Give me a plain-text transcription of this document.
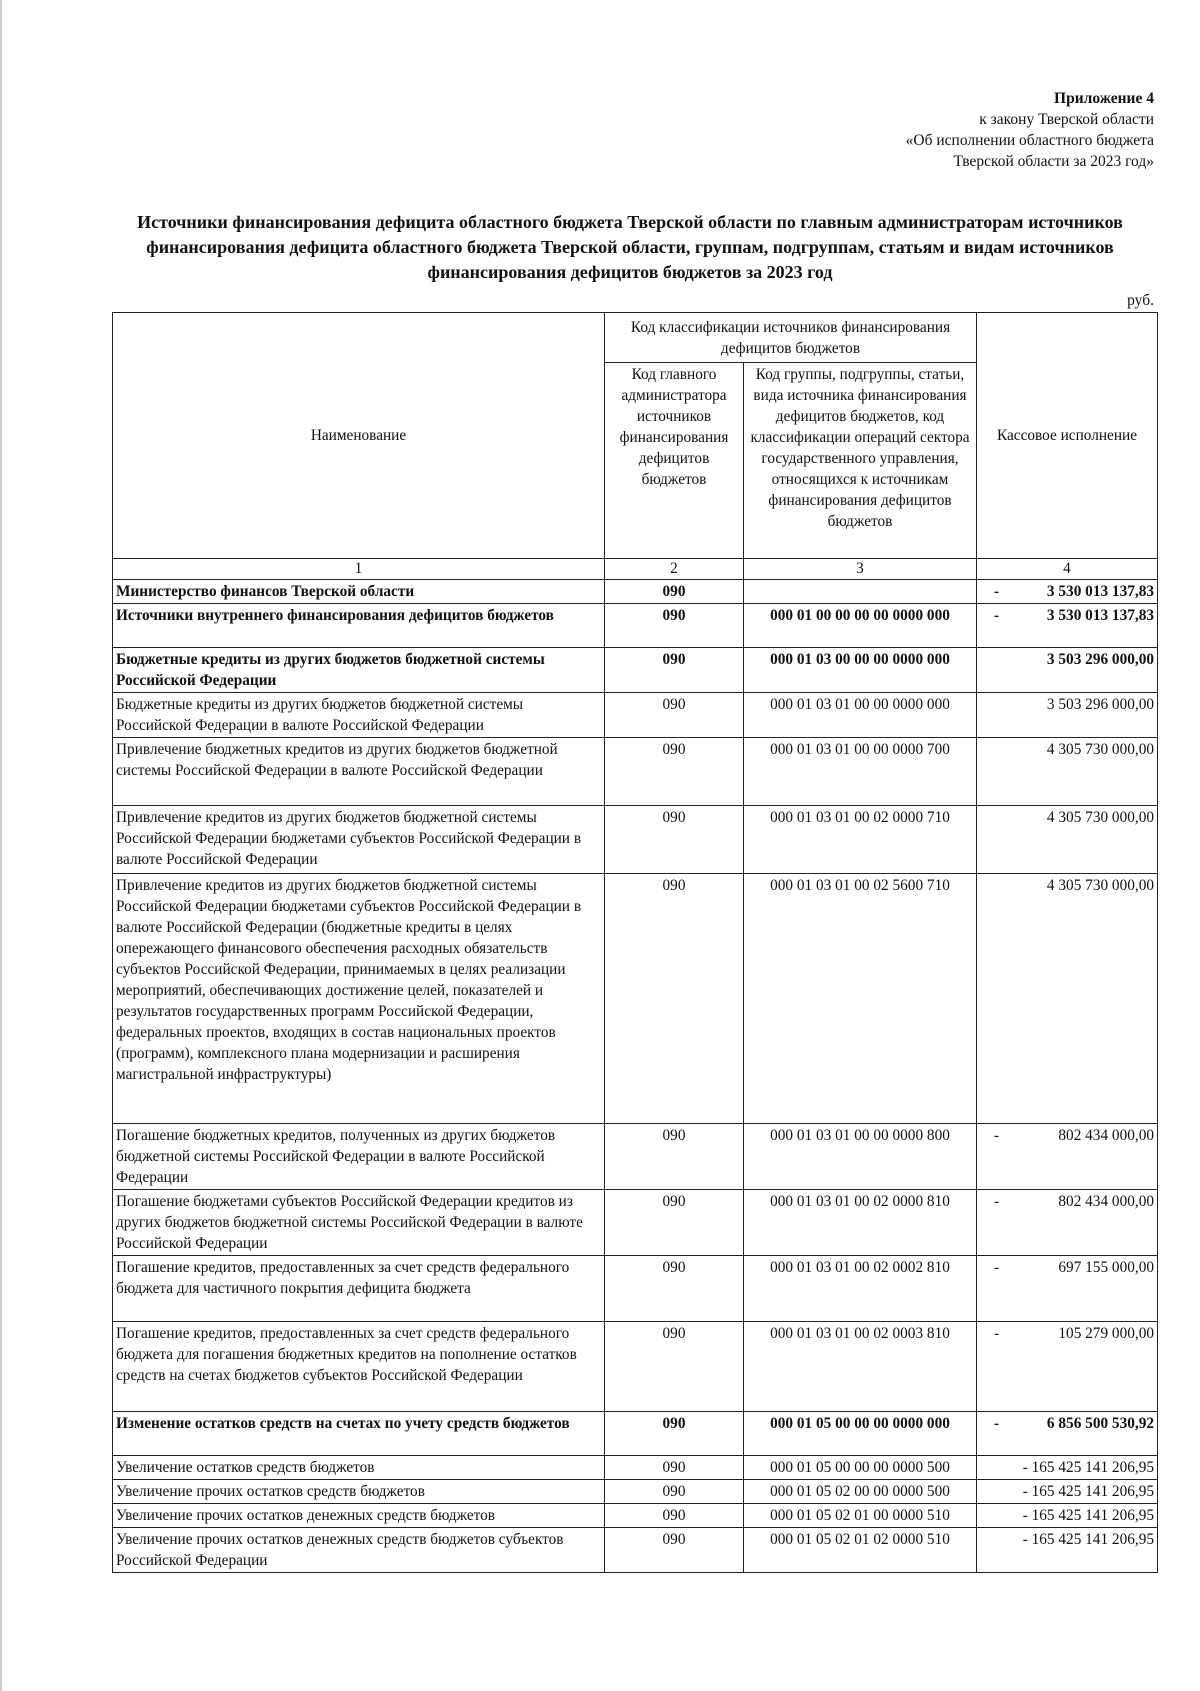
Приложение 4
к закону Тверской области
«Об исполнении областного бюджета
Тверской области за 2023 год»
Источники финансирования дефицита областного бюджета Тверской области по главным администраторам источников финансирования дефицита областного бюджета Тверской области, группам, подгруппам, статьям и видам источников финансирования дефицитов бюджетов за 2023 год
руб.
Наименование	Код классификации источников финансирования дефицитов бюджетов		Кассовое исполнение
	Код главного администратора источников финансирования дефицитов бюджетов	Код группы, подгруппы, статьи, вида источника финансирования дефицитов бюджетов, код классификации операций сектора государственного управления, относящихся к источникам финансирования дефицитов бюджетов	
1	2	3	4
Министерство финансов Тверской области	090		- 3 530 013 137,83
Источники внутреннего финансирования дефицитов бюджетов	090	000 01 00 00 00 00 0000 000	- 3 530 013 137,83
Бюджетные кредиты из других бюджетов бюджетной системы Российской Федерации	090	000 01 03 00 00 00 0000 000	3 503 296 000,00
Бюджетные кредиты из других бюджетов бюджетной системы Российской Федерации в валюте Российской Федерации	090	000 01 03 01 00 00 0000 000	3 503 296 000,00
Привлечение бюджетных кредитов из других бюджетов бюджетной системы Российской Федерации в валюте Российской Федерации	090	000 01 03 01 00 00 0000 700	4 305 730 000,00
Привлечение кредитов из других бюджетов бюджетной системы Российской Федерации бюджетами субъектов Российской Федерации в валюте Российской Федерации	090	000 01 03 01 00 02 0000 710	4 305 730 000,00
Привлечение кредитов из других бюджетов бюджетной системы Российской Федерации бюджетами субъектов Российской Федерации в валюте Российской Федерации (бюджетные кредиты в целях опережающего финансового обеспечения расходных обязательств субъектов Российской Федерации, принимаемых в целях реализации мероприятий, обеспечивающих достижение целей, показателей и результатов государственных программ Российской Федерации, федеральных проектов, входящих в состав национальных проектов (программ), комплексного плана модернизации и расширения магистральной инфраструктуры)	090	000 01 03 01 00 02 5600 710	4 305 730 000,00
Погашение бюджетных кредитов, полученных из других бюджетов бюджетной системы Российской Федерации в валюте Российской Федерации	090	000 01 03 01 00 00 0000 800	- 802 434 000,00
Погашение бюджетами субъектов Российской Федерации кредитов из других бюджетов бюджетной системы Российской Федерации в валюте Российской Федерации	090	000 01 03 01 00 02 0000 810	- 802 434 000,00
Погашение кредитов, предоставленных за счет средств федерального бюджета для частичного покрытия дефицита бюджета	090	000 01 03 01 00 02 0002 810	- 697 155 000,00
Погашение кредитов, предоставленных за счет средств федерального бюджета для погашения бюджетных кредитов на пополнение остатков средств на счетах бюджетов субъектов Российской Федерации	090	000 01 03 01 00 02 0003 810	- 105 279 000,00
Изменение остатков средств на счетах по учету средств бюджетов	090	000 01 05 00 00 00 0000 000	- 6 856 500 530,92
Увеличение остатков средств бюджетов	090	000 01 05 00 00 00 0000 500	- 165 425 141 206,95
Увеличение прочих остатков средств бюджетов	090	000 01 05 02 00 00 0000 500	- 165 425 141 206,95
Увеличение прочих остатков денежных средств бюджетов	090	000 01 05 02 01 00 0000 510	- 165 425 141 206,95
Увеличение прочих остатков денежных средств бюджетов субъектов Российской Федерации	090	000 01 05 02 01 02 0000 510	- 165 425 141 206,95
